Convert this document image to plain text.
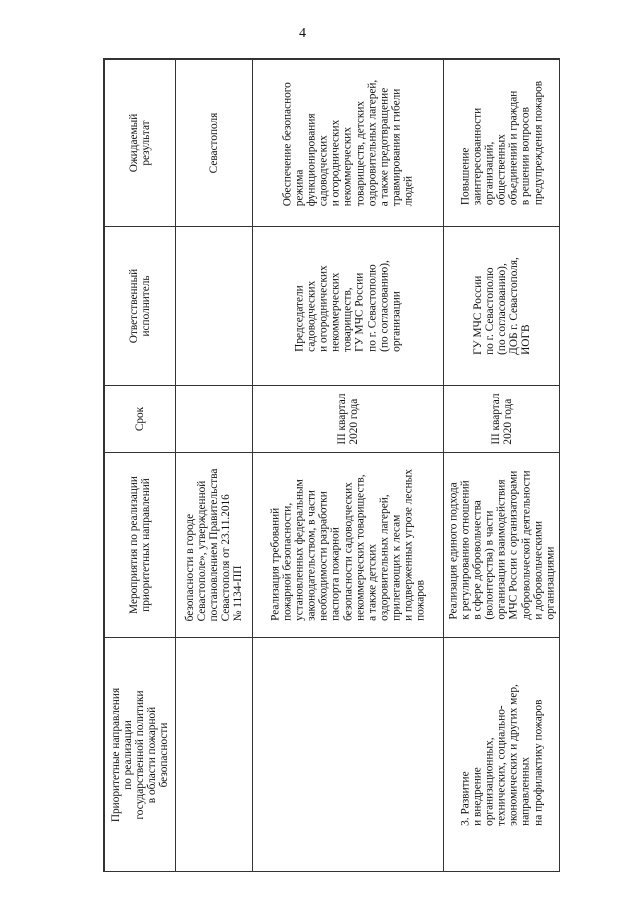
4
Ожидаемый
результат
Ответственный
исполнитель
Срок
Мероприятия по реализации
приоритетных направлений
Приоритетные направления
по реализации
государственной политики
в области пожарной
безопасности
Севастополя
безопасности в городе
Севастополе», утвержденной
постановлением Правительства
Севастополя от 23.11.2016
№ 1134-ПП
Обеспечение безопасного
режима
функционирования
садоводческих
и огороднических
некоммерческих
товариществ, детских
оздоровительных лагерей,
а также предотвращение
травмирования и гибели
людей
Председатели
садоводческих
и огороднических
некоммерческих
товариществ,
ГУ МЧС России
по г. Севастополю
(по согласованию),
организации
III квартал
2020 года
Реализация требований
пожарной безопасности,
установленных федеральным
законодательством, в части
необходимости разработки
паспорта пожарной
безопасности садоводческих
некоммерческих товариществ,
а также детских
оздоровительных лагерей,
прилегающих к лесам
и подверженных угрозе лесных
пожаров
Повышение
заинтересованности
организаций,
общественных
объединений и граждан
в решении вопросов
предупреждения пожаров
ГУ МЧС России
по г. Севастополю
(по согласованию),
ДОБ г. Севастополя,
ИОГВ
III квартал
2020 года
Реализация единого подхода
к регулированию отношений
в сфере добровольчества
(волонтерства) в части
организации взаимодействия
МЧС России с организаторами
добровольческой деятельности
и добровольческими
организациями
3. Развитие
и внедрение
организационных,
технических, социально-
экономических и других мер,
направленных
на профилактику пожаров
